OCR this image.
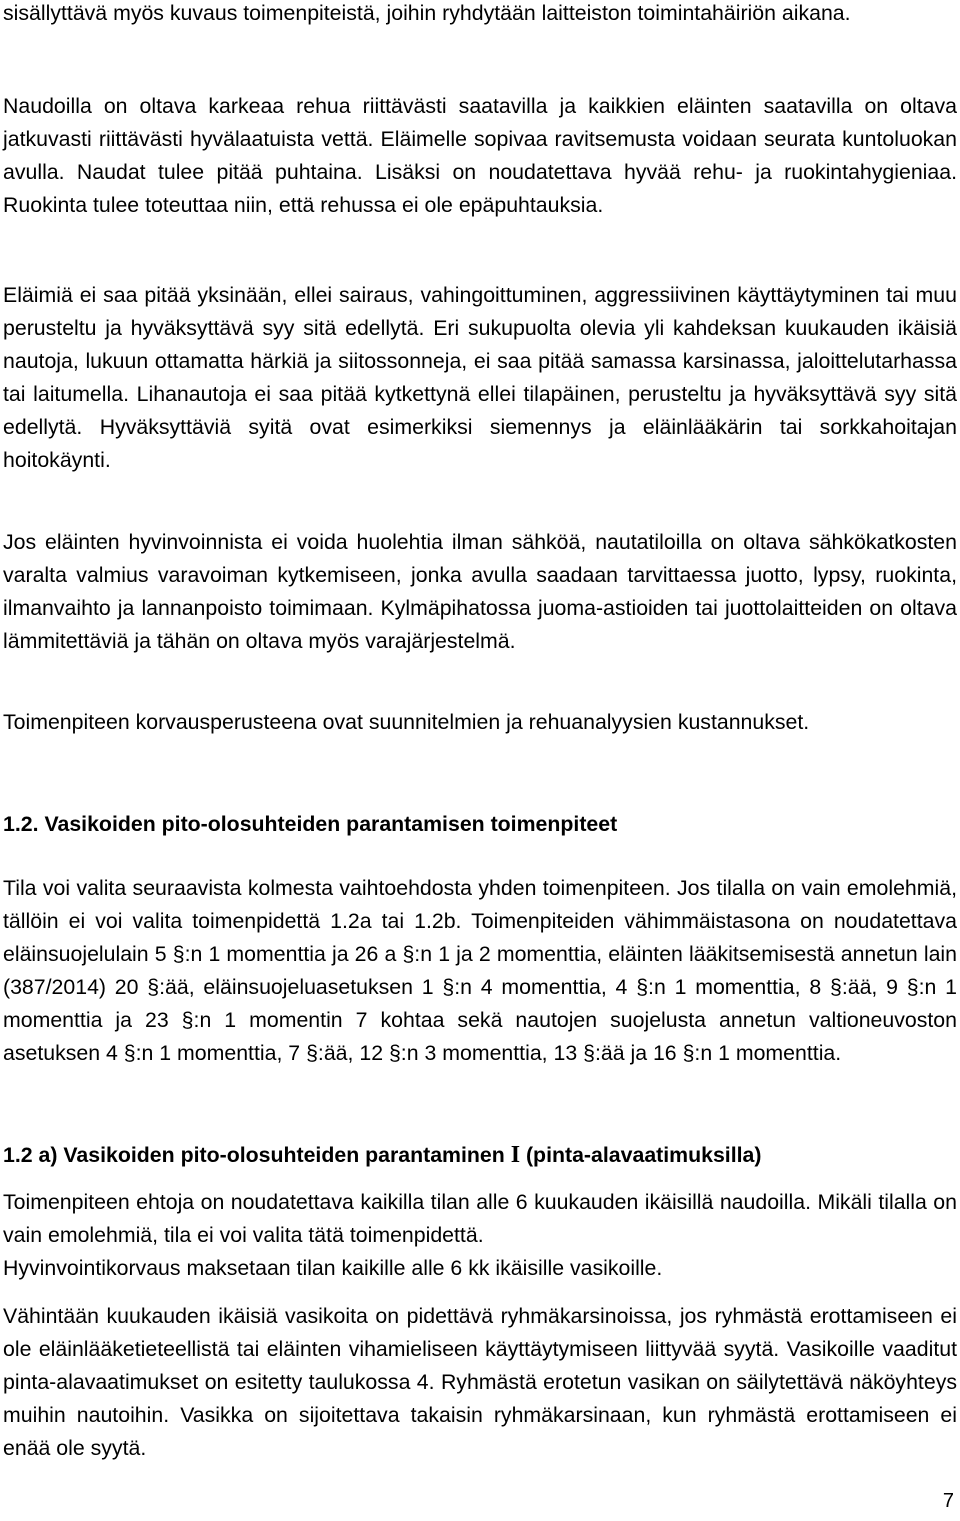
sisällyttävä myös kuvaus toimenpiteistä, joihin ryhdytään laitteiston toimintahäiriön aikana.

Naudoilla on oltava karkeaa rehua riittävästi saatavilla ja kaikkien eläinten saatavilla on oltava jatkuvasti riittävästi hyvälaatuista vettä. Eläimelle sopivaa ravitsemusta voidaan seurata kuntoluokan avulla. Naudat tulee pitää puhtaina. Lisäksi on noudatettava hyvää rehu- ja ruokintahygieniaa. Ruokinta tulee toteuttaa niin, että rehussa ei ole epäpuhtauksia.

Eläimiä ei saa pitää yksinään, ellei sairaus, vahingoittuminen, aggressiivinen käyttäytyminen tai muu perusteltu ja hyväksyttävä syy sitä edellytä. Eri sukupuolta olevia yli kahdeksan kuukauden ikäisiä nautoja, lukuun ottamatta härkiä ja siitossonneja, ei saa pitää samassa karsinassa, jaloittelutarhassa tai laitumella. Lihanautoja ei saa pitää kytkettynä ellei tilapäinen, perusteltu ja hyväksyttävä syy sitä edellytä. Hyväksyttäviä syitä ovat esimerkiksi siemennys ja eläinlääkärin tai sorkkahoitajan hoitokäynti.

Jos eläinten hyvinvoinnista ei voida huolehtia ilman sähköä, nautatiloilla on oltava sähkökatkosten varalta valmius varavoiman kytkemiseen, jonka avulla saadaan tarvittaessa juotto, lypsy, ruokinta, ilmanvaihto ja lannanpoisto toimimaan. Kylmäpihatossa juoma-astioiden tai juottolaitteiden on oltava lämmitettäviä ja tähän on oltava myös varajärjestelmä.

Toimenpiteen korvausperusteena ovat suunnitelmien ja rehuanalyysien kustannukset.

1.2. Vasikoiden pito-olosuhteiden parantamisen toimenpiteet

Tila voi valita seuraavista kolmesta vaihtoehdosta yhden toimenpiteen. Jos tilalla on vain emolehmiä, tällöin ei voi valita toimenpidettä 1.2a tai 1.2b. Toimenpiteiden vähimmäistasona on noudatettava eläinsuojelulain 5 §:n 1 momenttia ja 26 a §:n 1 ja 2 momenttia, eläinten lääkitsemisestä annetun lain (387/2014) 20 §:ää, eläinsuojeluasetuksen 1 §:n 4 momenttia, 4 §:n 1 momenttia, 8 §:ää, 9 §:n 1 momenttia ja 23 §:n 1 momentin 7 kohtaa sekä nautojen suojelusta annetun valtioneuvoston asetuksen 4 §:n 1 momenttia, 7 §:ää, 12 §:n 3 momenttia, 13 §:ää ja 16 §:n 1 momenttia.

1.2 a) Vasikoiden pito-olosuhteiden parantaminen I (pinta-alavaatimuksilla)

Toimenpiteen ehtoja on noudatettava kaikilla tilan alle 6 kuukauden ikäisillä naudoilla. Mikäli tilalla on vain emolehmiä, tila ei voi valita tätä toimenpidettä.
Hyvinvointikorvaus maksetaan tilan kaikille alle 6 kk ikäisille vasikoille.

Vähintään kuukauden ikäisiä vasikoita on pidettävä ryhmäkarsinoissa, jos ryhmästä erottamiseen ei ole eläinlääketieteellistä tai eläinten vihamieliseen käyttäytymiseen liittyvää syytä. Vasikoille vaaditut pinta-alavaatimukset on esitetty taulukossa 4. Ryhmästä erotetun vasikan on säilytettävä näköyhteys muihin nautoihin. Vasikka on sijoitettava takaisin ryhmäkarsinaan, kun ryhmästä erottamiseen ei enää ole syytä.

7
